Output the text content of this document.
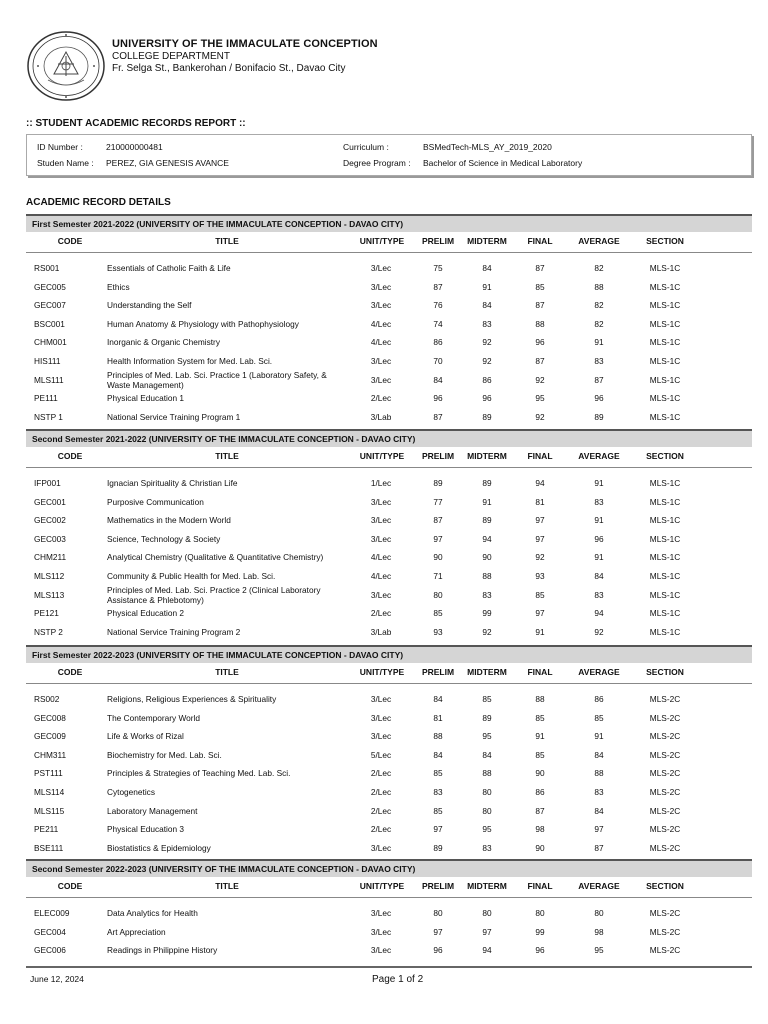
UNIVERSITY OF THE IMMACULATE CONCEPTION
COLLEGE DEPARTMENT
Fr. Selga St., Bankerohan / Bonifacio St., Davao City
:: STUDENT ACADEMIC RECORDS REPORT ::
ID Number :	210000000481
Studen Name : PEREZ, GIA GENESIS AVANCE
Curriculum :	BSMedTech-MLS_AY_2019_2020
Degree Program : Bachelor of Science in Medical Laboratory
ACADEMIC RECORD DETAILS
First Semester 2021-2022 (UNIVERSITY OF THE IMMACULATE CONCEPTION - DAVAO CITY)
CODE	TITLE	UNIT/TYPE	PRELIM	MIDTERM	FINAL	AVERAGE	SECTION
RS001	Essentials of Catholic Faith & Life	3/Lec	75	84	87	82	MLS-1C
GEC005	Ethics	3/Lec	87	91	85	88	MLS-1C
GEC007	Understanding the Self	3/Lec	76	84	87	82	MLS-1C
BSC001	Human Anatomy & Physiology with Pathophysiology	4/Lec	74	83	88	82	MLS-1C
CHM001	Inorganic & Organic Chemistry	4/Lec	86	92	96	91	MLS-1C
HIS111	Health Information System for Med. Lab. Sci.	3/Lec	70	92	87	83	MLS-1C
MLS111	Principles of Med. Lab. Sci. Practice 1 (Laboratory Safety, & Waste Management)	3/Lec	84	86	92	87	MLS-1C
PE111	Physical Education 1	2/Lec	96	96	95	96	MLS-1C
NSTP 1	National Service Training Program 1	3/Lab	87	89	92	89	MLS-1C
Second Semester 2021-2022 (UNIVERSITY OF THE IMMACULATE CONCEPTION - DAVAO CITY)
CODE	TITLE	UNIT/TYPE	PRELIM	MIDTERM	FINAL	AVERAGE	SECTION
IFP001	Ignacian Spirituality & Christian Life	1/Lec	89	89	94	91	MLS-1C
GEC001	Purposive Communication	3/Lec	77	91	81	83	MLS-1C
GEC002	Mathematics in the Modern World	3/Lec	87	89	97	91	MLS-1C
GEC003	Science, Technology & Society	3/Lec	97	94	97	96	MLS-1C
CHM211	Analytical Chemistry (Qualitative & Quantitative Chemistry)	4/Lec	90	90	92	91	MLS-1C
MLS112	Community & Public Health for Med. Lab. Sci.	4/Lec	71	88	93	84	MLS-1C
MLS113	Principles of Med. Lab. Sci. Practice 2 (Clinical Laboratory Assistance & Phlebotomy)	3/Lec	80	83	85	83	MLS-1C
PE121	Physical Education 2	2/Lec	85	99	97	94	MLS-1C
NSTP 2	National Service Training Program 2	3/Lab	93	92	91	92	MLS-1C
First Semester 2022-2023 (UNIVERSITY OF THE IMMACULATE CONCEPTION - DAVAO CITY)
CODE	TITLE	UNIT/TYPE	PRELIM	MIDTERM	FINAL	AVERAGE	SECTION
RS002	Religions, Religious Experiences & Spirituality	3/Lec	84	85	88	86	MLS-2C
GEC008	The Contemporary World	3/Lec	81	89	85	85	MLS-2C
GEC009	Life & Works of Rizal	3/Lec	88	95	91	91	MLS-2C
CHM311	Biochemistry for Med. Lab. Sci.	5/Lec	84	84	85	84	MLS-2C
PST111	Principles & Strategies of Teaching Med. Lab. Sci.	2/Lec	85	88	90	88	MLS-2C
MLS114	Cytogenetics	2/Lec	83	80	86	83	MLS-2C
MLS115	Laboratory Management	2/Lec	85	80	87	84	MLS-2C
PE211	Physical Education 3	2/Lec	97	95	98	97	MLS-2C
BSE111	Biostatistics & Epidemiology	3/Lec	89	83	90	87	MLS-2C
Second Semester 2022-2023 (UNIVERSITY OF THE IMMACULATE CONCEPTION - DAVAO CITY)
CODE	TITLE	UNIT/TYPE	PRELIM	MIDTERM	FINAL	AVERAGE	SECTION
ELEC009	Data Analytics for Health	3/Lec	80	80	80	80	MLS-2C
GEC004	Art Appreciation	3/Lec	97	97	99	98	MLS-2C
GEC006	Readings in Philippine History	3/Lec	96	94	96	95	MLS-2C
June 12, 2024	Page 1 of 2
